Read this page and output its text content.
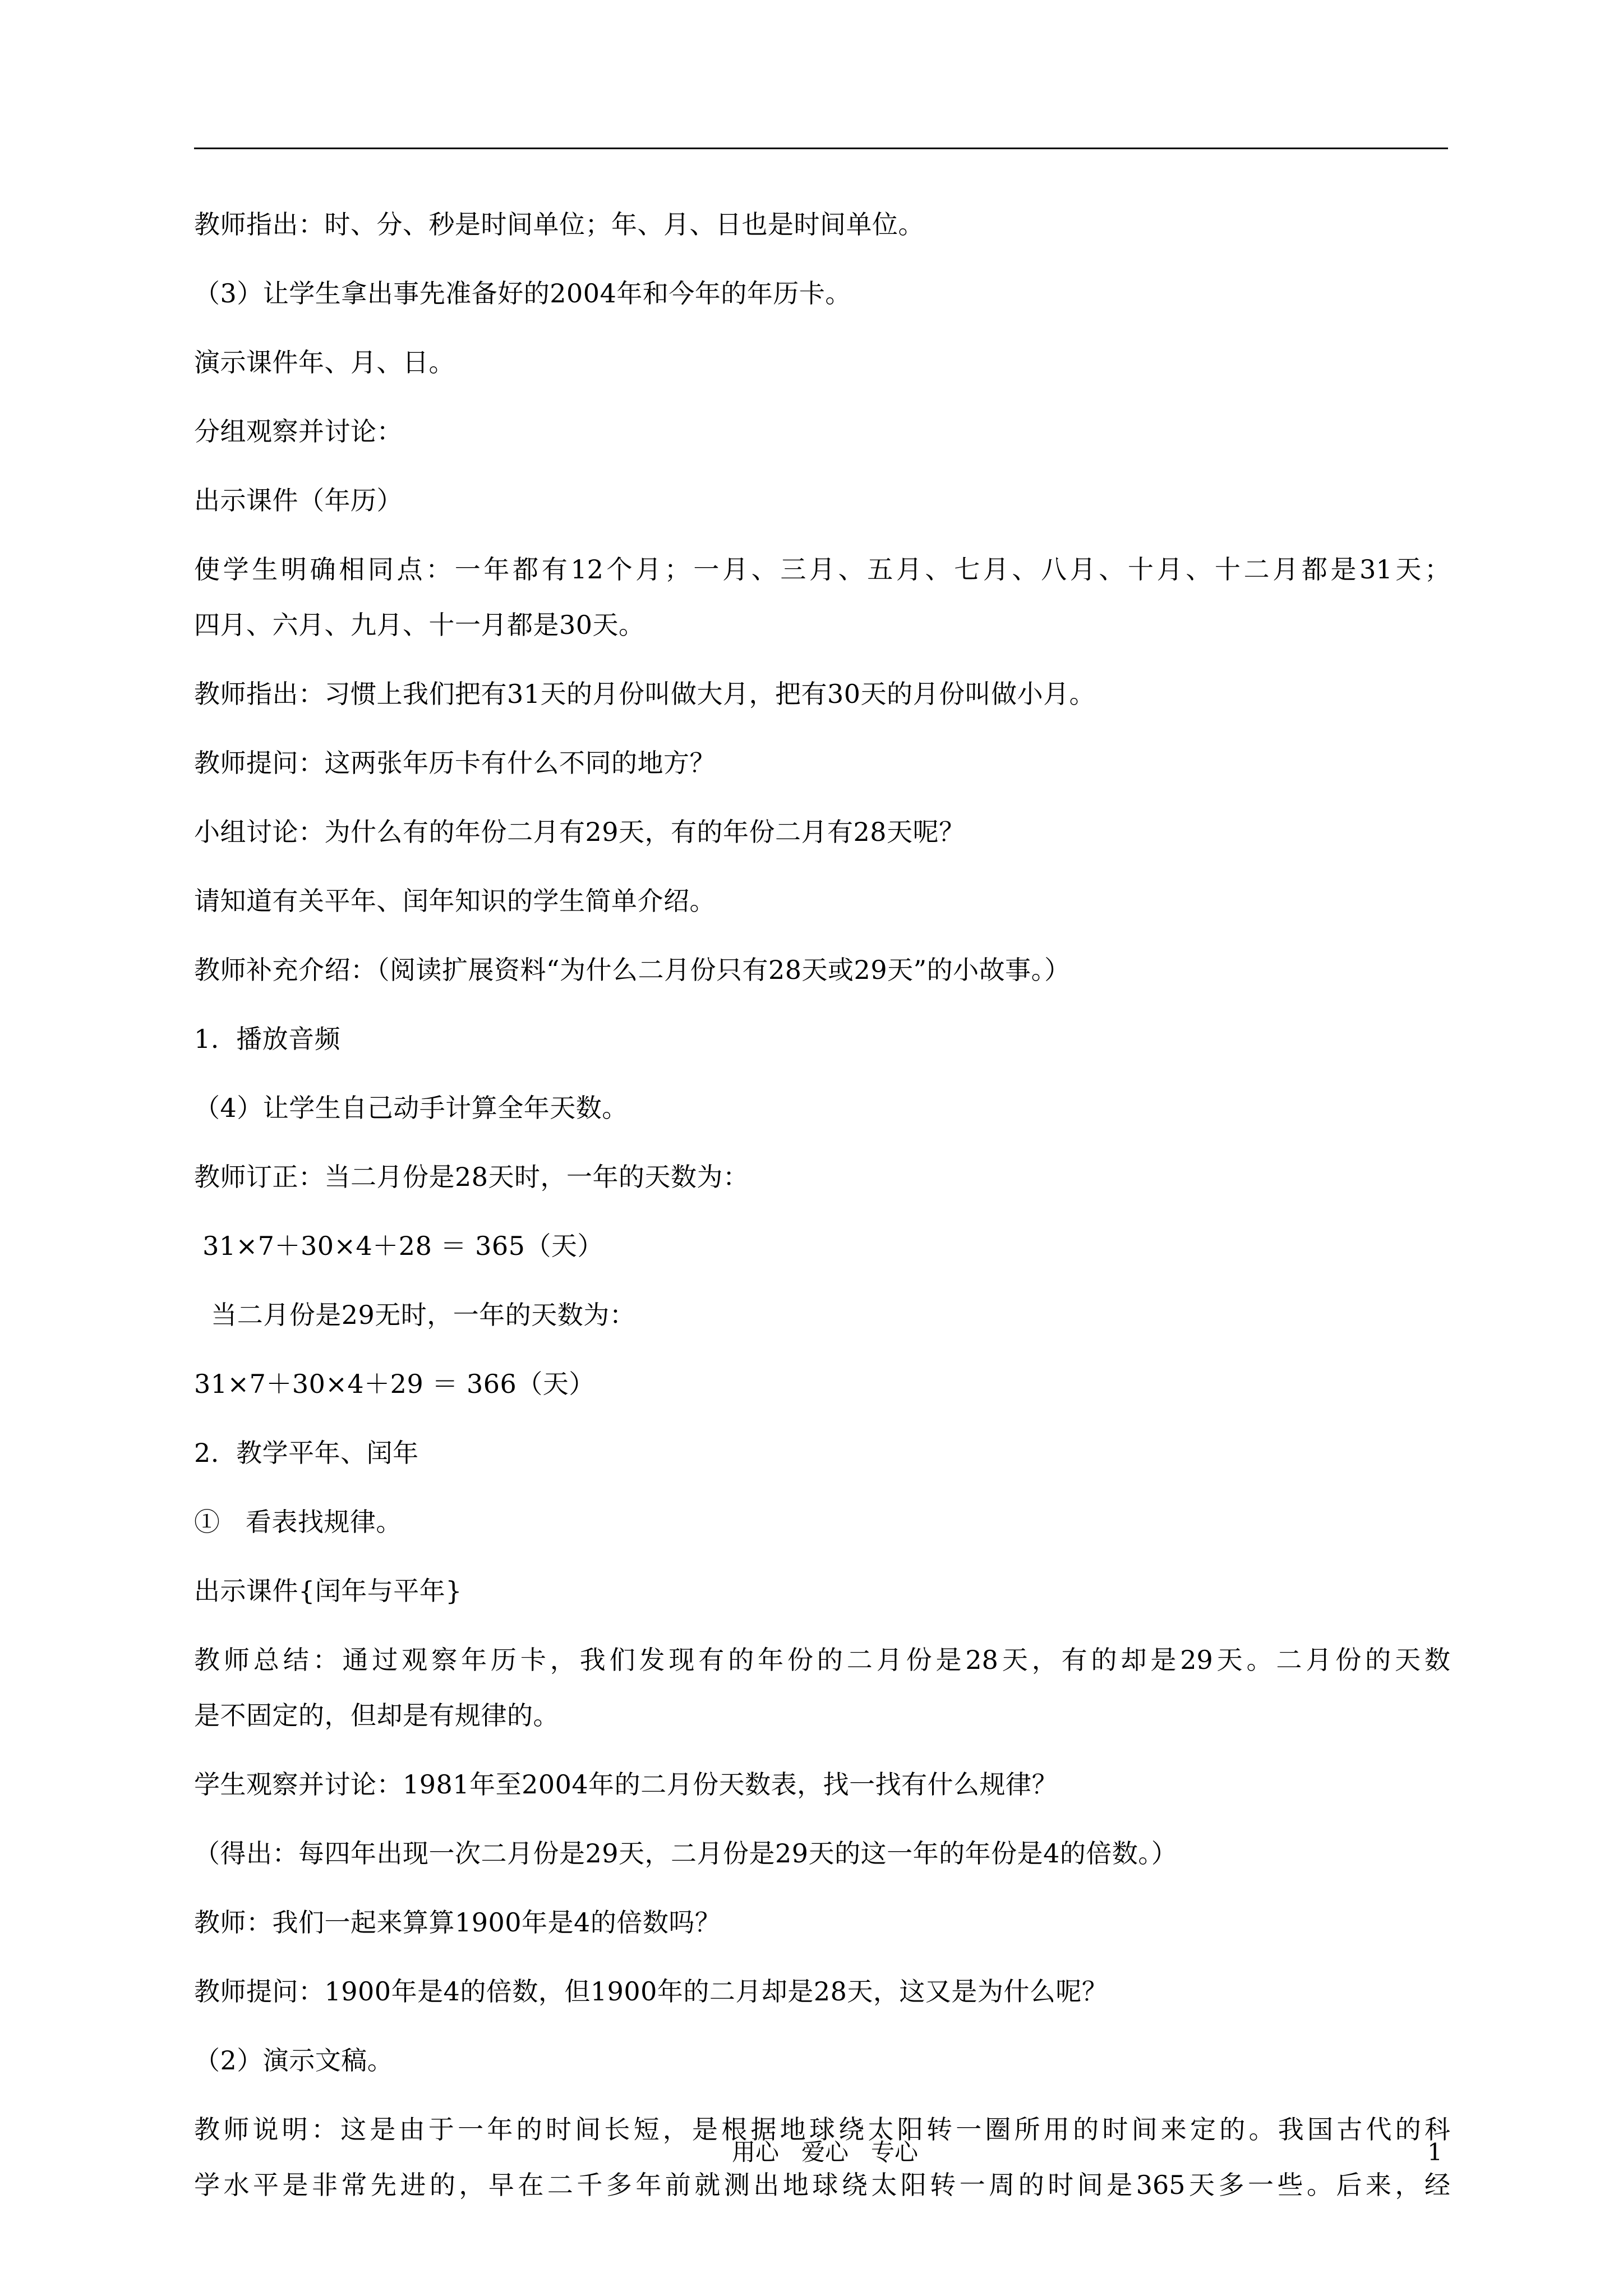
教师指出：时、分、秒是时间单位；年、月、日也是时间单位。
（3）让学生拿出事先准备好的2004年和今年的年历卡。
演示课件年、月、日。
分组观察并讨论：
出示课件（年历）
使学生明确相同点：一年都有12个月；一月、三月、五月、七月、八月、十月、十二月都是31天；
四月、六月、九月、十一月都是30天。
教师指出：习惯上我们把有31天的月份叫做大月，把有30天的月份叫做小月。
教师提问：这两张年历卡有什么不同的地方？
小组讨论：为什么有的年份二月有29天，有的年份二月有28天呢？
请知道有关平年、闰年知识的学生简单介绍。
教师补充介绍：（阅读扩展资料“为什么二月份只有28天或29天”的小故事。）
1.  播放音频
（4）让学生自己动手计算全年天数。
教师订正：当二月份是28天时，一年的天数为：
31×7＋30×4＋28 ＝ 365（天）
当二月份是29无时，一年的天数为：
31×7＋30×4＋29 ＝ 366（天）
2.  教学平年、闰年
①   看表找规律。
出示课件{闰年与平年}
教师总结：通过观察年历卡，我们发现有的年份的二月份是28天，有的却是29天。二月份的天数
是不固定的，但却是有规律的。
学生观察并讨论：1981年至2004年的二月份天数表，找一找有什么规律？
（得出：每四年出现一次二月份是29天，二月份是29天的这一年的年份是4的倍数。）
教师：我们一起来算算1900年是4的倍数吗？
教师提问：1900年是4的倍数，但1900年的二月却是28天，这又是为什么呢？
（2）演示文稿。
教师说明：这是由于一年的时间长短，是根据地球绕太阳转一圈所用的时间来定的。我国古代的科
学水平是非常先进的，早在二千多年前就测出地球绕太阳转一周的时间是365天多一些。后来，经
用心 爱心 专心	1
